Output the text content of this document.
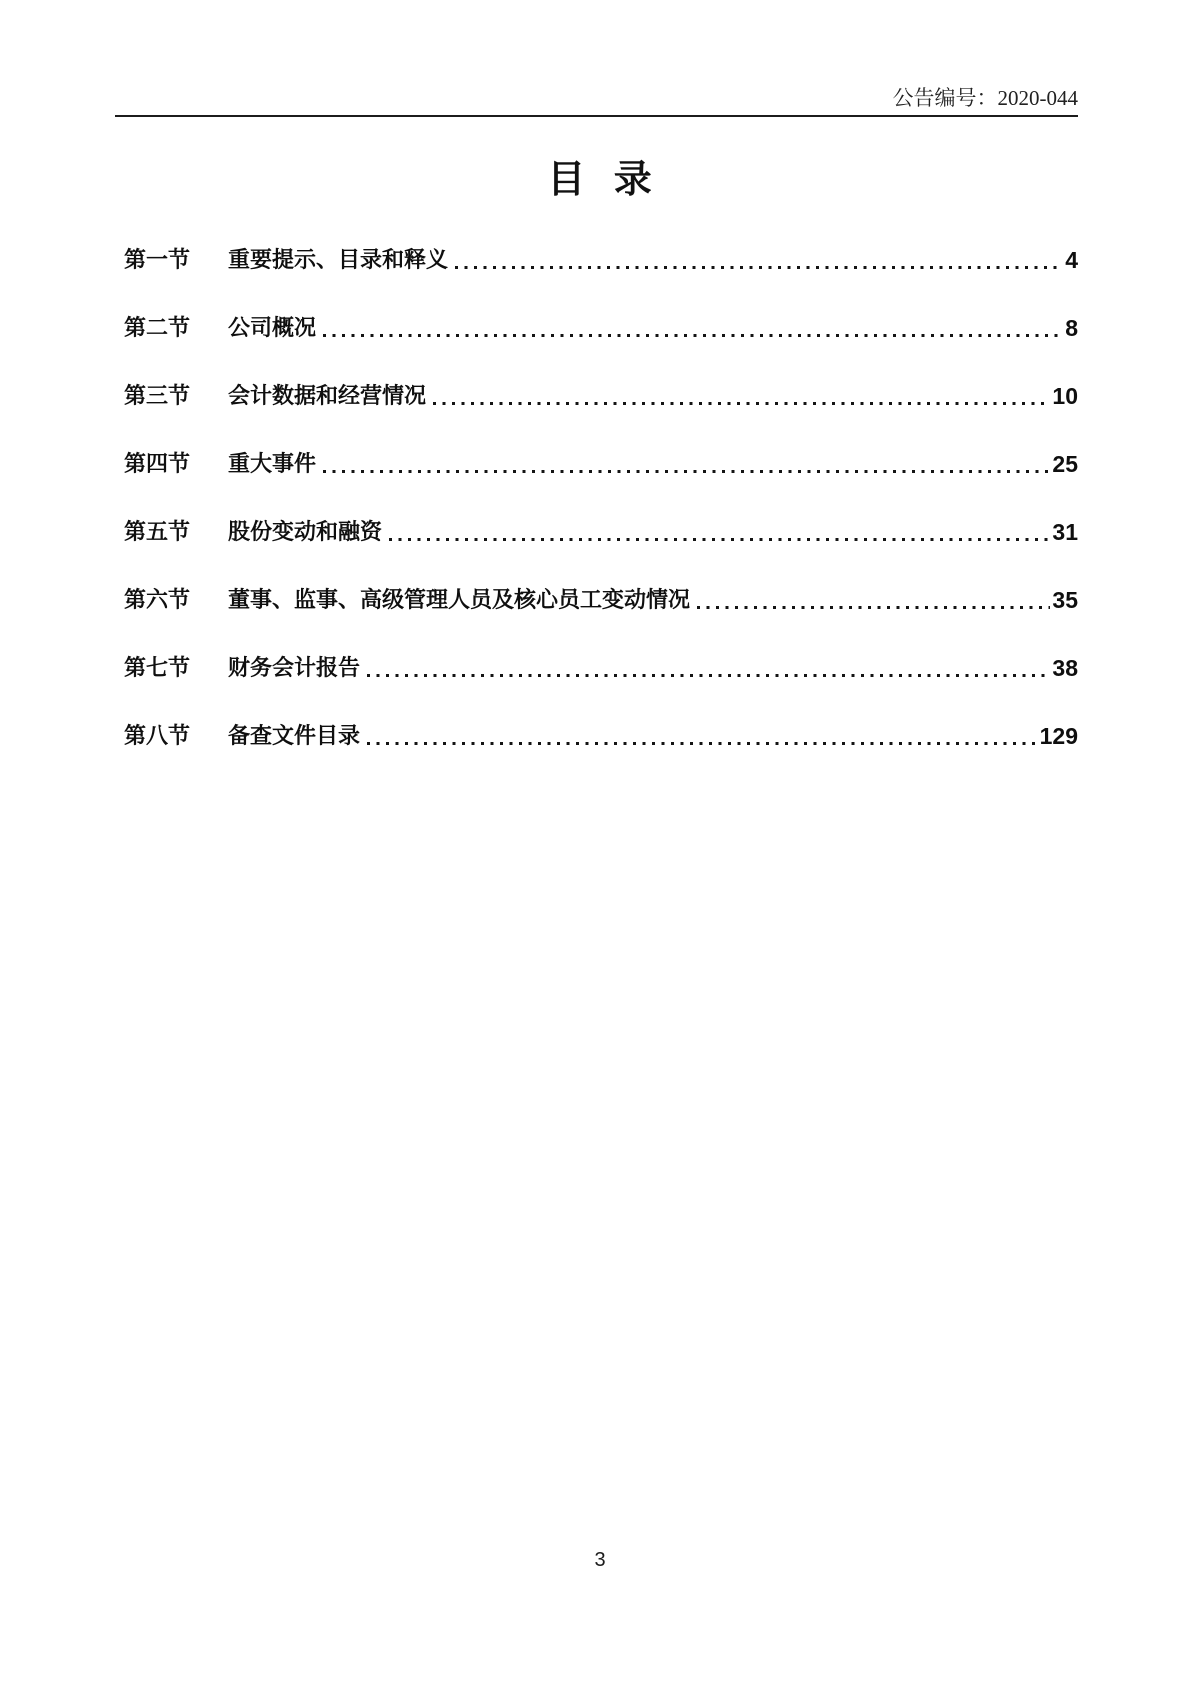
公告编号：2020-044
目 录
第一节	重要提示、目录和释义	4
第二节	公司概况	8
第三节	会计数据和经营情况	10
第四节	重大事件	25
第五节	股份变动和融资	31
第六节	董事、监事、高级管理人员及核心员工变动情况	35
第七节	财务会计报告	38
第八节	备查文件目录	129
3
